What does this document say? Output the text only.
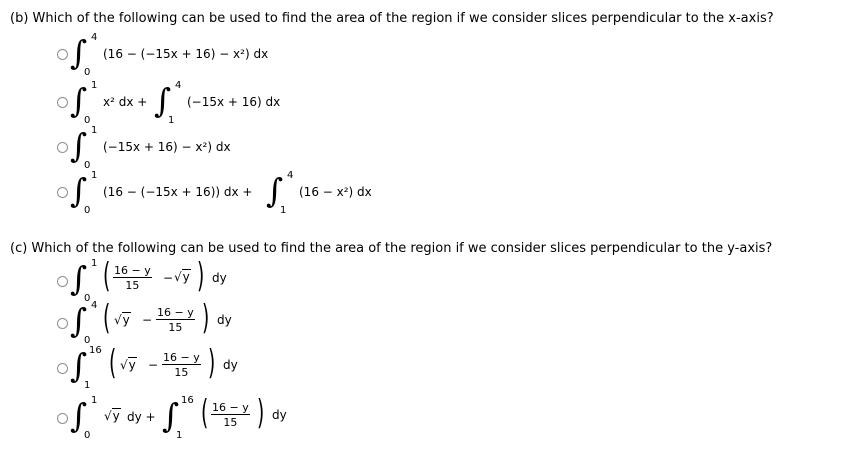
(b) Which of the following can be used to find the area of the region if we consider slices perpendicular to the x-axis?
∫ 4
0
(16 − (−15x + 16) − x²) dx
∫ 1
0
x² dx + ∫ 4
1
(−15x + 16) dx
∫ 1
0
(−15x + 16) − x²) dx
∫ 1
0
(16 − (−15x + 16)) dx + ∫ 4
1
(16 − x²) dx
(c) Which of the following can be used to find the area of the region if we consider slices perpendicular to the y-axis?
∫ 1
0
( $\frac{16 - y}{15} - √y$ ) dy
∫ 4
0
( $√y - \frac{16 - y}{15}$ ) dy
∫ 16
1
( $√y - \frac{16 - y}{15}$ ) dy
∫ 1
0
√y dy + ∫ 16
1
( $\frac{16 - y}{15}$ ) dy
